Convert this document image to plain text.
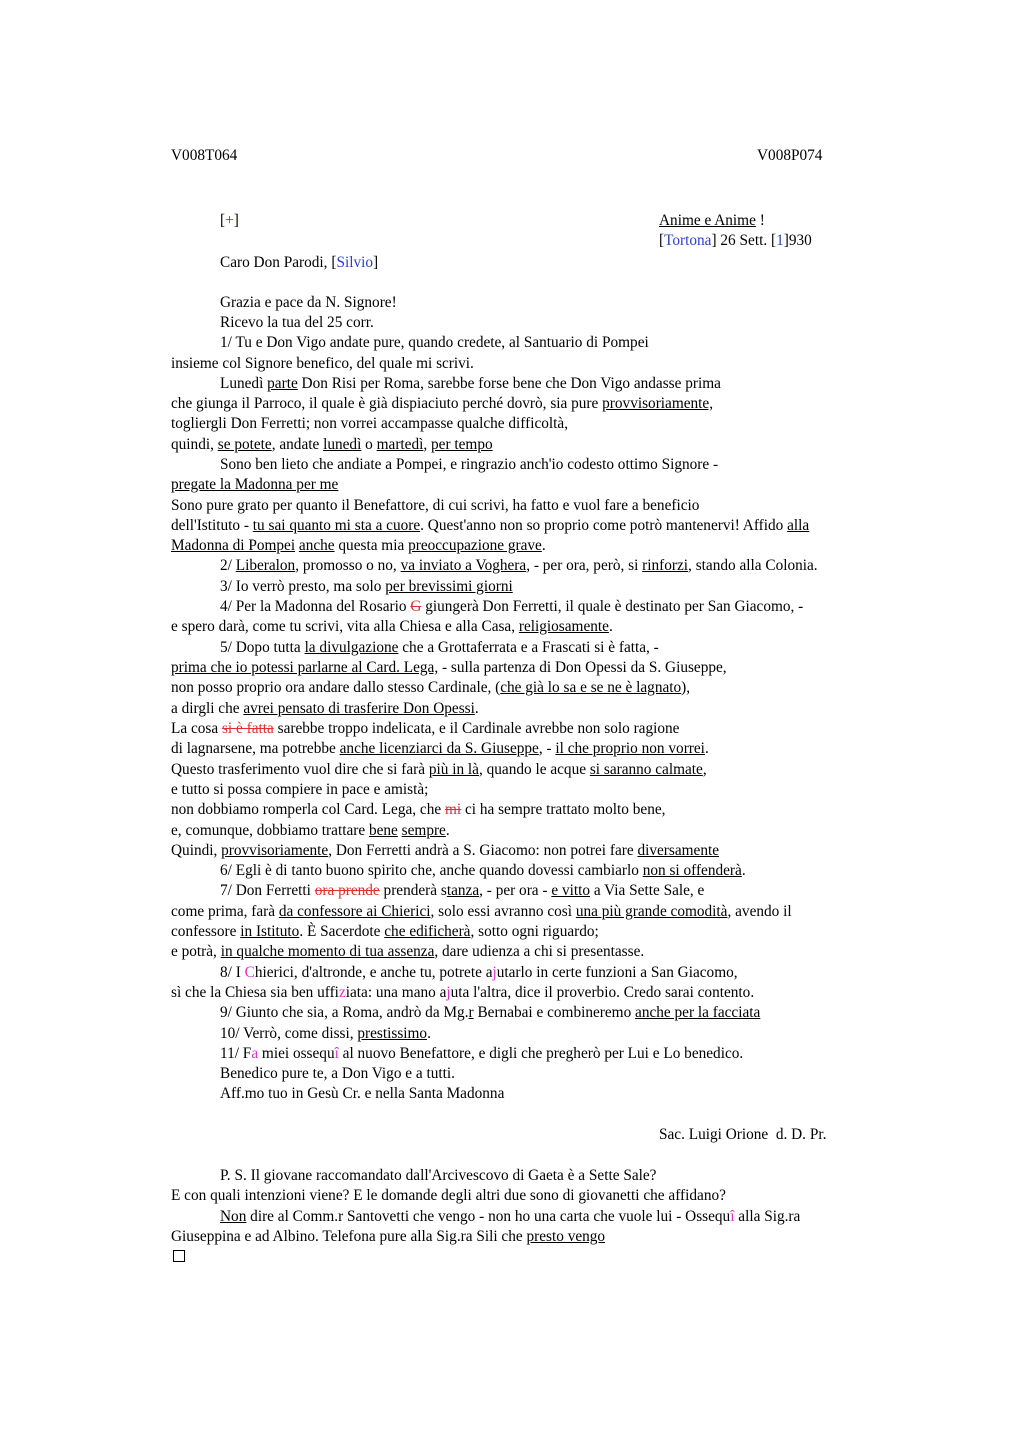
V008T064	V008P074
[+]	Anime e Anime !
[Tortona] 26 Sett. [1]930
Caro Don Parodi, [Silvio]
Grazia e pace da N. Signore!
Ricevo la tua del 25 corr.
1/ Tu e Don Vigo andate pure, quando credete, al Santuario di Pompei
insieme col Signore benefico, del quale mi scrivi.
Lunedì parte Don Risi per Roma, sarebbe forse bene che Don Vigo andasse prima
che giunga il Parroco, il quale è già dispiaciuto perché dovrò, sia pure provvisoriamente,
togliergli Don Ferretti; non vorrei accampasse qualche difficoltà,
quindi, se potete, andate lunedì o martedì, per tempo
Sono ben lieto che andiate a Pompei, e ringrazio anch'io codesto ottimo Signore -
pregate la Madonna per me
Sono pure grato per quanto il Benefattore, di cui scrivi, ha fatto e vuol fare a beneficio
dell'Istituto - tu sai quanto mi sta a cuore. Quest'anno non so proprio come potrò mantenervi! Affido alla
Madonna di Pompei anche questa mia preoccupazione grave.
2/ Liberalon, promosso o no, va inviato a Voghera, - per ora, però, si rinforzi, stando alla Colonia.
3/ Io verrò presto, ma solo per brevissimi giorni
4/ Per la Madonna del Rosario G giungerà Don Ferretti, il quale è destinato per San Giacomo, -
e spero darà, come tu scrivi, vita alla Chiesa e alla Casa, religiosamente.
5/ Dopo tutta la divulgazione che a Grottaferrata e a Frascati si è fatta, -
prima che io potessi parlarne al Card. Lega, - sulla partenza di Don Opessi da S. Giuseppe,
non posso proprio ora andare dallo stesso Cardinale, (che già lo sa e se ne è lagnato),
a dirgli che avrei pensato di trasferire Don Opessi.
La cosa si è fatta sarebbe troppo indelicata, e il Cardinale avrebbe non solo ragione
di lagnarsene, ma potrebbe anche licenziarci da S. Giuseppe, - il che proprio non vorrei.
Questo trasferimento vuol dire che si farà più in là, quando le acque si saranno calmate,
e tutto si possa compiere in pace e amistà;
non dobbiamo romperla col Card. Lega, che mi ci ha sempre trattato molto bene,
e, comunque, dobbiamo trattare bene sempre.
Quindi, provvisoriamente, Don Ferretti andrà a S. Giacomo: non potrei fare diversamente
6/ Egli è di tanto buono spirito che, anche quando dovessi cambiarlo non si offenderà.
7/ Don Ferretti ora prende prenderà stanza, - per ora - e vitto a Via Sette Sale, e
come prima, farà da confessore ai Chierici, solo essi avranno così una più grande comodità, avendo il
confessore in Istituto. È Sacerdote che edificherà, sotto ogni riguardo;
e potrà, in qualche momento di tua assenza, dare udienza a chi si presentasse.
8/ I Chierici, d'altronde, e anche tu, potrete ajutarlo in certe funzioni a San Giacomo,
sì che la Chiesa sia ben uffiziata: una mano ajuta l'altra, dice il proverbio. Credo sarai contento.
9/ Giunto che sia, a Roma, andrò da Mg.r Bernabai e combineremo anche per la facciata
10/ Verrò, come dissi, prestissimo.
11/ Fa miei ossequî al nuovo Benefattore, e digli che pregherò per Lui e Lo benedico.
Benedico pure te, a Don Vigo e a tutti.
Aff.mo tuo in Gesù Cr. e nella Santa Madonna
Sac. Luigi Orione  d. D. Pr.
P. S. Il giovane raccomandato dall'Arcivescovo di Gaeta è a Sette Sale?
E con quali intenzioni viene? E le domande degli altri due sono di giovanetti che affidano?
Non dire al Comm.r Santovetti che vengo - non ho una carta che vuole lui - Ossequî alla Sig.ra
Giuseppina e ad Albino. Telefona pure alla Sig.ra Sili che presto vengo
